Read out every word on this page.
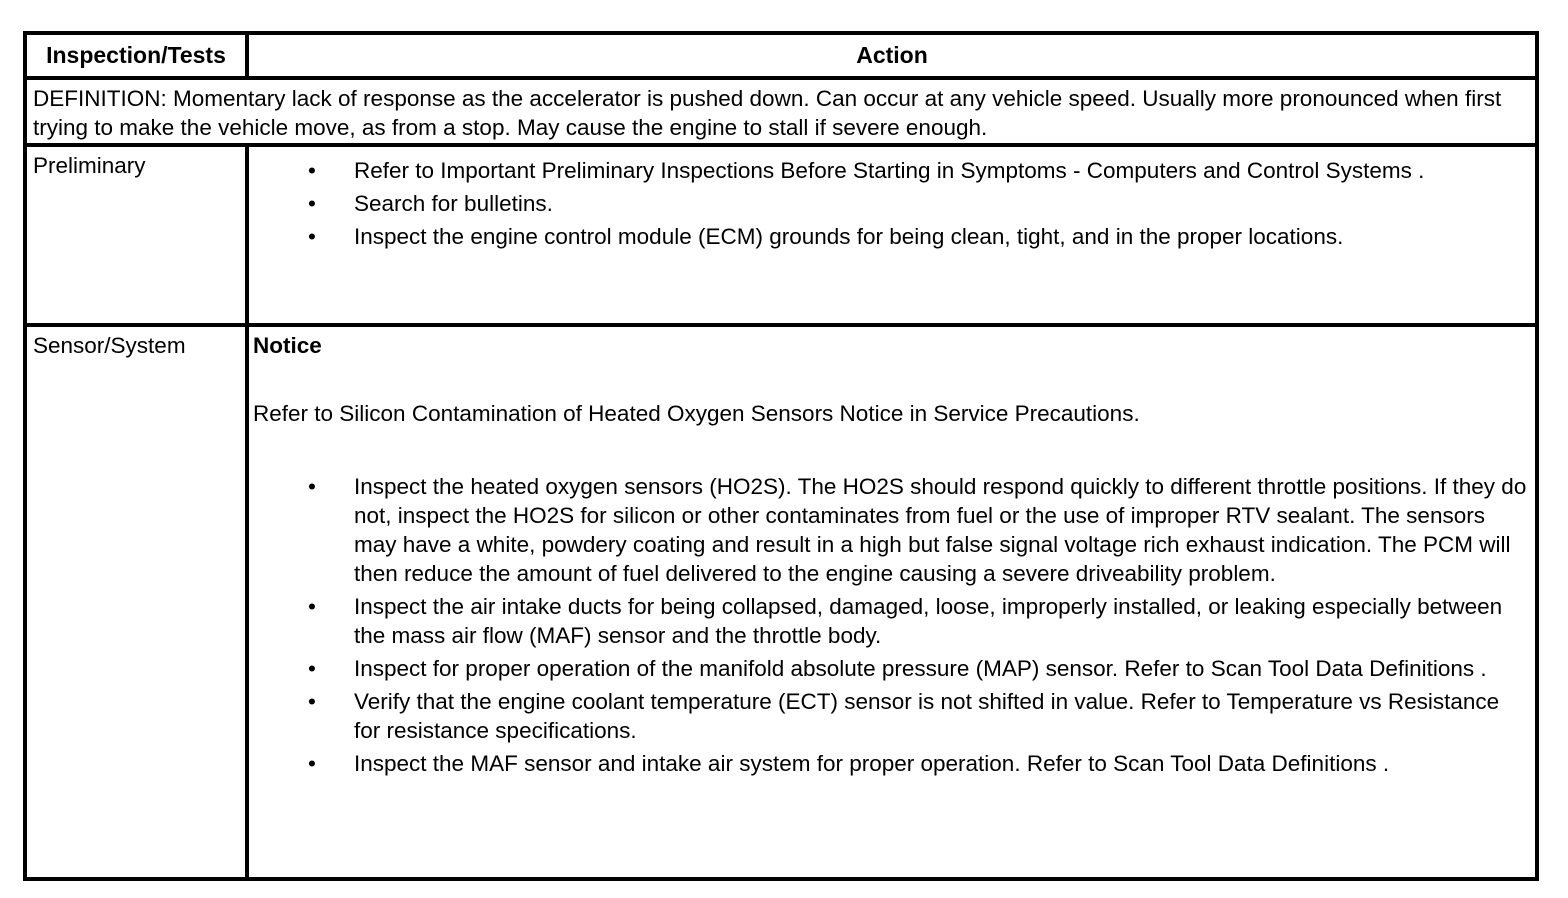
Inspection/Tests	Action
DEFINITION: Momentary lack of response as the accelerator is pushed down. Can occur at any vehicle speed. Usually more pronounced when first trying to make the vehicle move, as from a stop. May cause the engine to stall if severe enough.
Preliminary	• Refer to Important Preliminary Inspections Before Starting in Symptoms - Computers and Control Systems .
• Search for bulletins.
• Inspect the engine control module (ECM) grounds for being clean, tight, and in the proper locations.
Sensor/System	Notice
Refer to Silicon Contamination of Heated Oxygen Sensors Notice in Service Precautions.
• Inspect the heated oxygen sensors (HO2S). The HO2S should respond quickly to different throttle positions. If they do not, inspect the HO2S for silicon or other contaminates from fuel or the use of improper RTV sealant. The sensors may have a white, powdery coating and result in a high but false signal voltage rich exhaust indication. The PCM will then reduce the amount of fuel delivered to the engine causing a severe driveability problem.
• Inspect the air intake ducts for being collapsed, damaged, loose, improperly installed, or leaking especially between the mass air flow (MAF) sensor and the throttle body.
• Inspect for proper operation of the manifold absolute pressure (MAP) sensor. Refer to Scan Tool Data Definitions .
• Verify that the engine coolant temperature (ECT) sensor is not shifted in value. Refer to Temperature vs Resistance for resistance specifications.
• Inspect the MAF sensor and intake air system for proper operation. Refer to Scan Tool Data Definitions .
